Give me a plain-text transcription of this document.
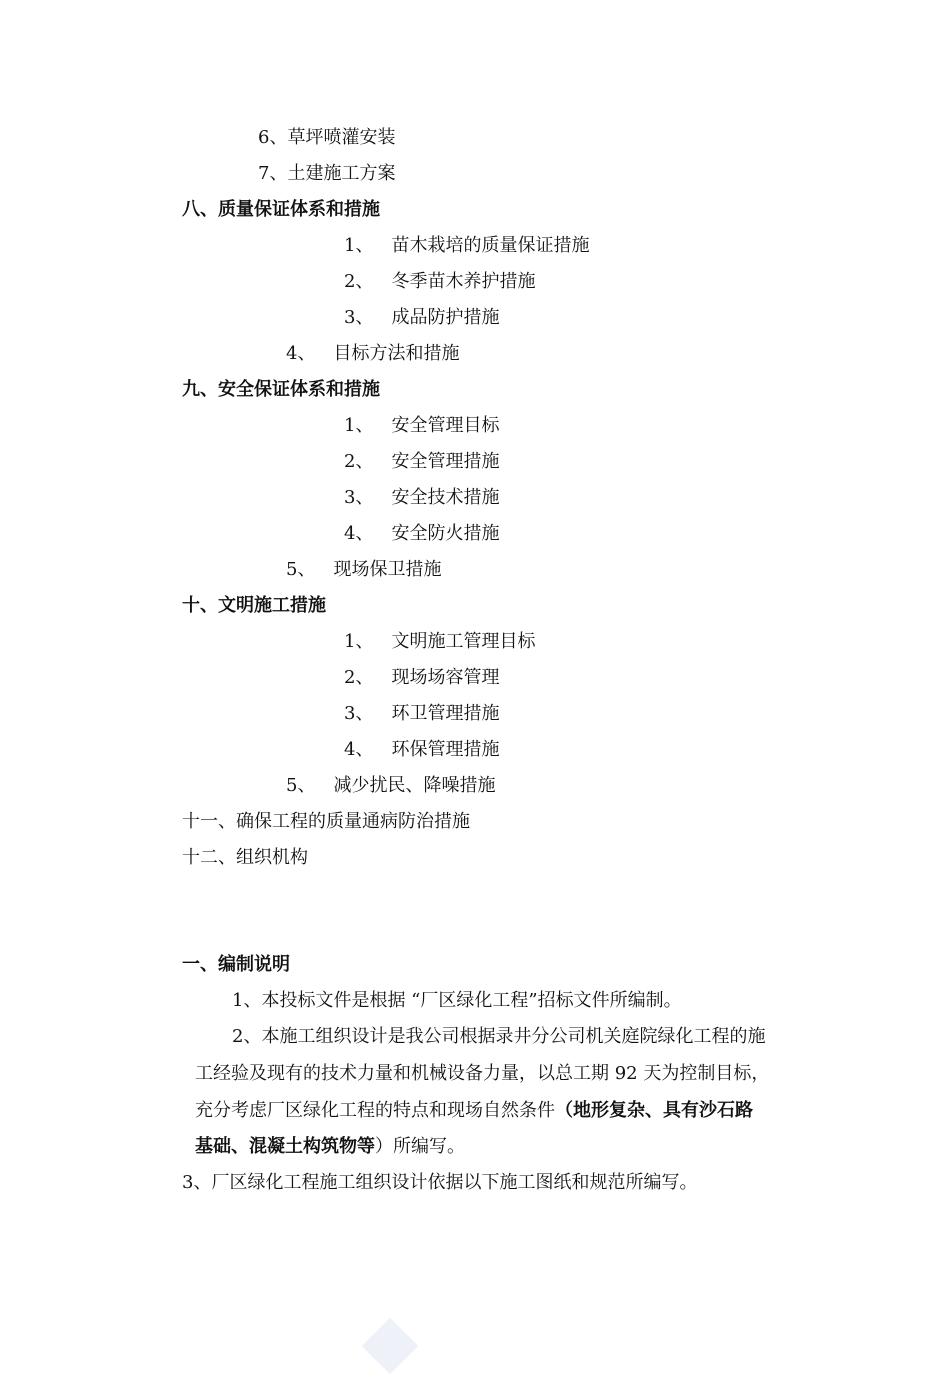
6、草坪喷灌安装
7、土建施工方案
八、质量保证体系和措施
1、 苗木栽培的质量保证措施
2、 冬季苗木养护措施
3、 成品防护措施
4、 目标方法和措施
九、安全保证体系和措施
1、 安全管理目标
2、 安全管理措施
3、 安全技术措施
4、 安全防火措施
5、 现场保卫措施
十、文明施工措施
1、 文明施工管理目标
2、 现场场容管理
3、 环卫管理措施
4、 环保管理措施
5、 减少扰民、降噪措施
十一、确保工程的质量通病防治措施
十二、组织机构
一、编制说明
1、本投标文件是根据 “厂区绿化工程”招标文件所编制。
2、本施工组织设计是我公司根据录井分公司机关庭院绿化工程的施
工经验及现有的技术力量和机械设备力量，以总工期 92 天为控制目标，
充分考虑厂区绿化工程的特点和现场自然条件（地形复杂、具有沙石路
基础、混凝土构筑物等）所编写。
3、厂区绿化工程施工组织设计依据以下施工图纸和规范所编写。
